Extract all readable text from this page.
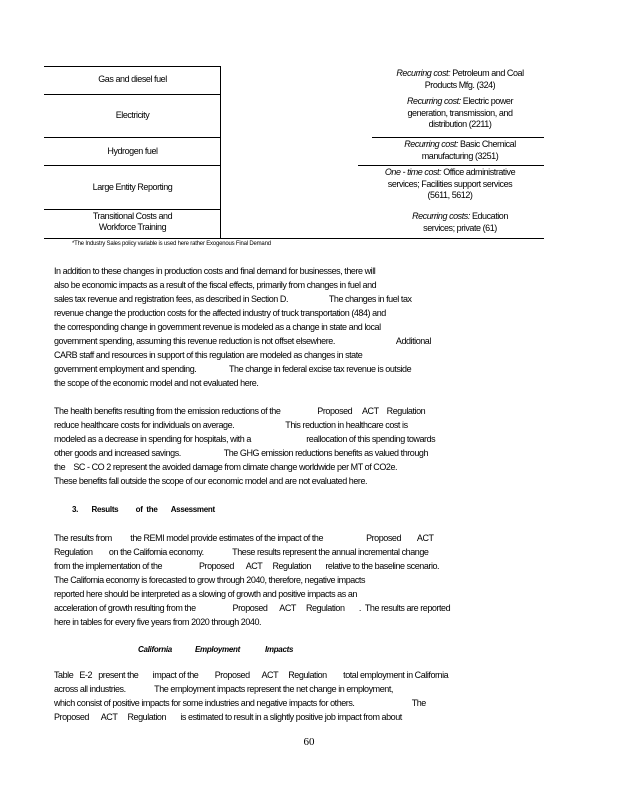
Gas and diesel fuel
Recurring cost: Petroleum and Coal
Products Mfg. (324)
Electricity
Recurring cost: Electric power
generation, transmission, and
distribution (2211)
Hydrogen fuel
Recurring cost: Basic Chemical
manufacturing (3251)
Large Entity Reporting
One - time cost: Office administrative
services; Facilities support services
(5611, 5612)
Transitional Costs and
Workforce Training
Recurring costs: Education
services; private (61)
*The Industry Sales policy variable is used here rather Exogenous Final Demand
In addition to these changes in production costs and final demand for businesses, there will
also be economic impacts as a result of the fiscal effects, primarily from changes in fuel and
sales tax revenue and registration fees, as described in Section D.                    The changes in fuel tax
revenue change the production costs for the affected industry of truck transportation (484) and
the corresponding change in government revenue is modeled as a change in state and local
government spending, assuming this revenue reduction is not offset elsewhere.                              Additional
CARB staff and resources in support of this regulation are modeled as changes in state
government employment and spending.                The change in federal excise tax revenue is outside
the scope of the economic model and not evaluated here.
The health benefits resulting from the emission reductions of the                  Proposed     ACT    Regulation
reduce healthcare costs for individuals on average.                         This reduction in healthcare cost is
modeled as a decrease in spending for hospitals, with a                           reallocation of this spending towards
other goods and increased savings.                     The GHG emission reductions benefits as valued through
the    SC - CO 2 represent the avoided damage from climate change worldwide per MT of CO2e.
These benefits fall outside the scope of our economic model and are not evaluated here.
3.       Results         of  the       Assessment
The results from         the REMI model provide estimates of the impact of the                     Proposed        ACT
Regulation        on the California economy.              These results represent the annual incremental change
from the implementation of the                  Proposed      ACT     Regulation       relative to the baseline scenario.
The California economy is forecasted to grow through 2040, therefore, negative impacts
reported here should be interpreted as a slowing of growth and positive impacts as an
acceleration of growth resulting from the                  Proposed      ACT     Regulation       .  The results are reported
here in tables for every five years from 2020 through 2040.
California            Employment             Impacts
Table   E-2   present the       impact of the        Proposed      ACT     Regulation        total employment in California
across all industries.              The employment impacts represent the net change in employment,
which consist of positive impacts for some industries and negative impacts for others.                            The
Proposed      ACT     Regulation       is estimated to result in a slightly positive job impact from about
60
